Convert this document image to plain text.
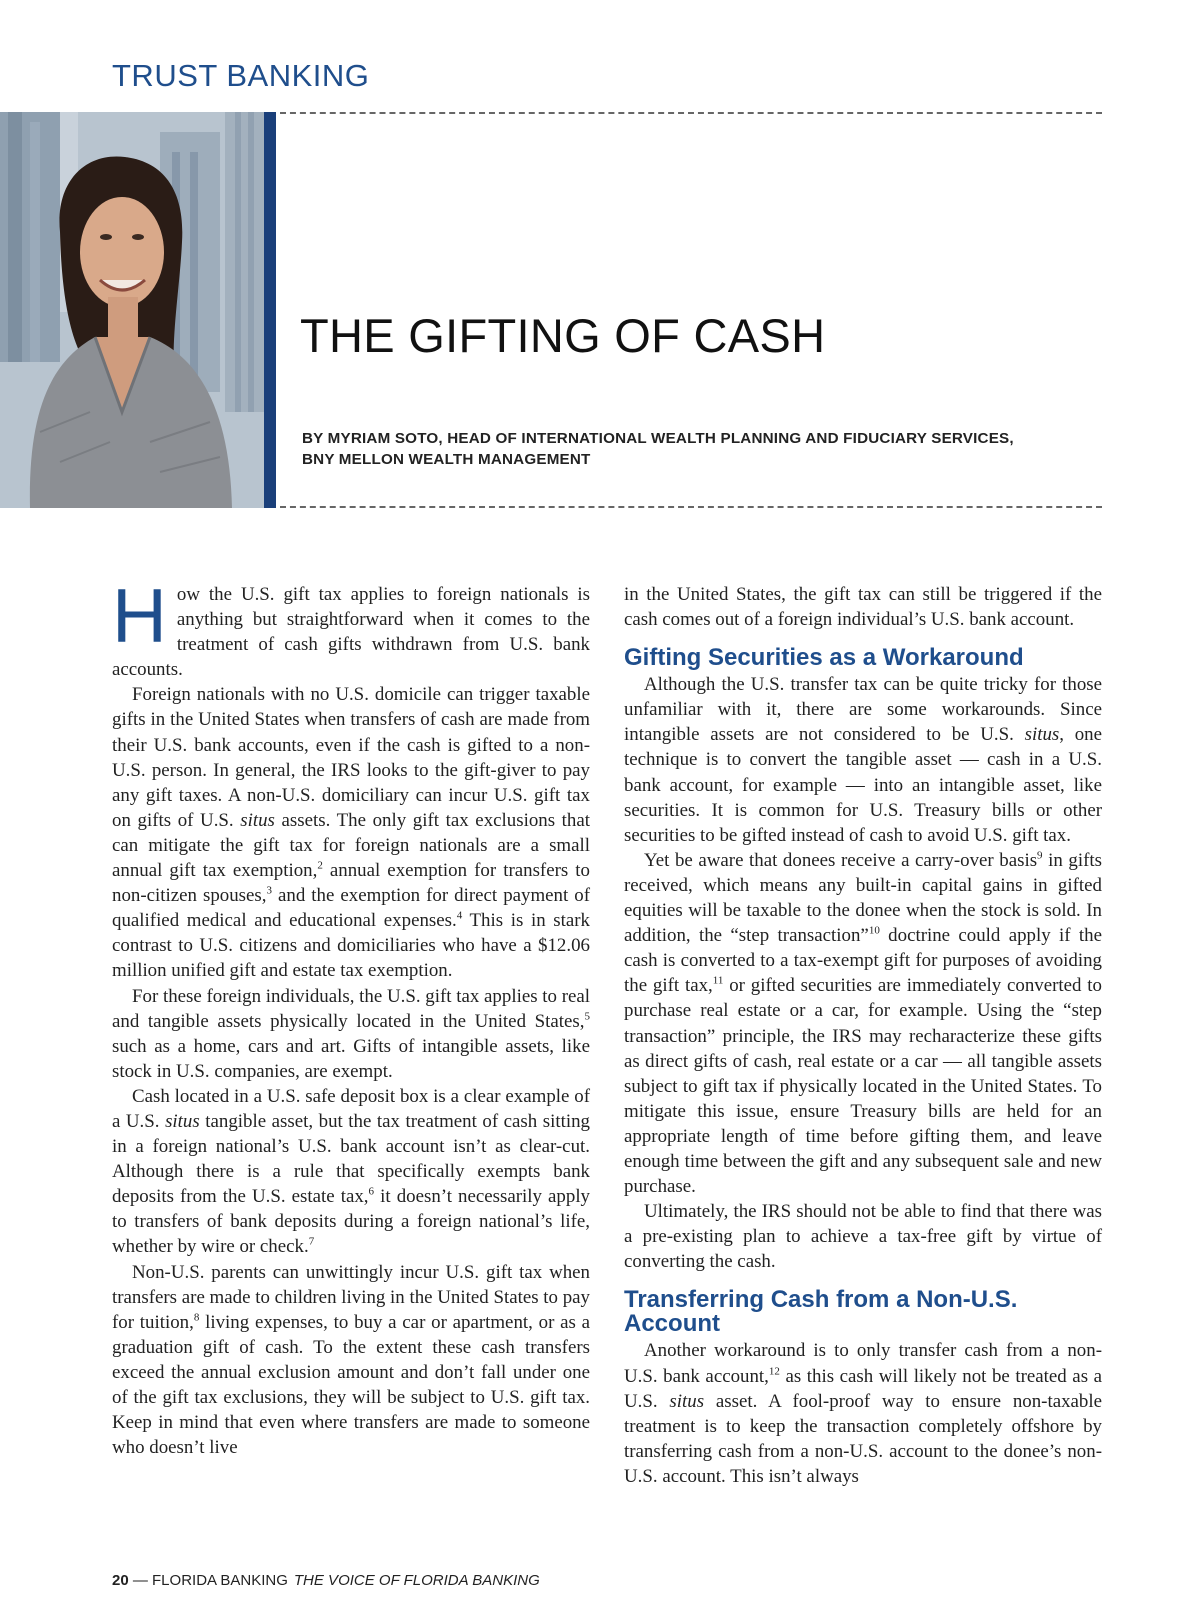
TRUST BANKING
THE GIFTING OF CASH
BY MYRIAM SOTO, HEAD OF INTERNATIONAL WEALTH PLANNING AND FIDUCIARY SERVICES,
BNY MELLON WEALTH MANAGEMENT

How the U.S. gift tax applies to foreign nationals is anything but straightforward when it comes to the treatment of cash gifts withdrawn from U.S. bank accounts.

Foreign nationals with no U.S. domicile can trigger taxable gifts in the United States when transfers of cash are made from their U.S. bank accounts, even if the cash is gifted to a non-U.S. person. In general, the IRS looks to the gift-giver to pay any gift taxes. A non-U.S. domiciliary can incur U.S. gift tax on gifts of U.S. situs assets. The only gift tax exclusions that can mitigate the gift tax for foreign nationals are a small annual gift tax exemption,$^2$ annual exemption for transfers to non-citizen spouses,$^3$ and the exemption for direct payment of qualified medical and educational expenses.$^4$ This is in stark contrast to U.S. citizens and domiciliaries who have a $12.06 million unified gift and estate tax exemption.

For these foreign individuals, the U.S. gift tax applies to real and tangible assets physically located in the United States,$^5$ such as a home, cars and art. Gifts of intangible assets, like stock in U.S. companies, are exempt.

Cash located in a U.S. safe deposit box is a clear example of a U.S. situs tangible asset, but the tax treatment of cash sitting in a foreign national’s U.S. bank account isn’t as clear-cut. Although there is a rule that specifically exempts bank deposits from the U.S. estate tax,$^6$ it doesn’t necessarily apply to transfers of bank deposits during a foreign national’s life, whether by wire or check.$^7$

Non-U.S. parents can unwittingly incur U.S. gift tax when transfers are made to children living in the United States to pay for tuition,$^8$ living expenses, to buy a car or apartment, or as a graduation gift of cash. To the extent these cash transfers exceed the annual exclusion amount and don’t fall under one of the gift tax exclusions, they will be subject to U.S. gift tax. Keep in mind that even where transfers are made to someone who doesn’t live

in the United States, the gift tax can still be triggered if the cash comes out of a foreign individual’s U.S. bank account.

Gifting Securities as a Workaround

Although the U.S. transfer tax can be quite tricky for those unfamiliar with it, there are some workarounds. Since intangible assets are not considered to be U.S. situs, one technique is to convert the tangible asset — cash in a U.S. bank account, for example — into an intangible asset, like securities. It is common for U.S. Treasury bills or other securities to be gifted instead of cash to avoid U.S. gift tax.

Yet be aware that donees receive a carry-over basis$^9$ in gifts received, which means any built-in capital gains in gifted equities will be taxable to the donee when the stock is sold. In addition, the “step transaction”$^{10}$ doctrine could apply if the cash is converted to a tax-exempt gift for purposes of avoiding the gift tax,$^{11}$ or gifted securities are immediately converted to purchase real estate or a car, for example. Using the “step transaction” principle, the IRS may recharacterize these gifts as direct gifts of cash, real estate or a car — all tangible assets subject to gift tax if physically located in the United States. To mitigate this issue, ensure Treasury bills are held for an appropriate length of time before gifting them, and leave enough time between the gift and any subsequent sale and new purchase.

Ultimately, the IRS should not be able to find that there was a pre-existing plan to achieve a tax-free gift by virtue of converting the cash.

Transferring Cash from a Non-U.S. Account

Another workaround is to only transfer cash from a non-U.S. bank account,$^{12}$ as this cash will likely not be treated as a U.S. situs asset. A fool-proof way to ensure non-taxable treatment is to keep the transaction completely offshore by transferring cash from a non-U.S. account to the donee’s non-U.S. account. This isn’t always

20 — FLORIDA BANKING THE VOICE OF FLORIDA BANKING
